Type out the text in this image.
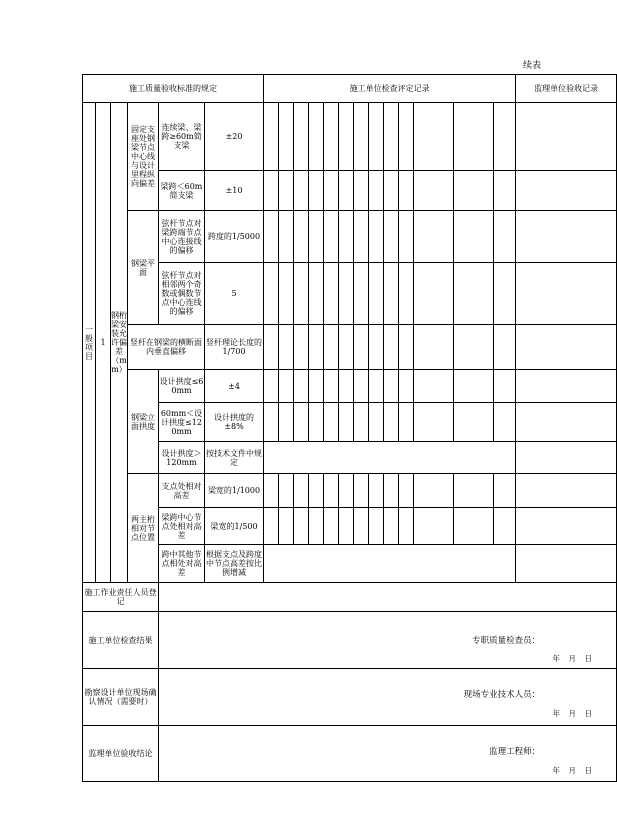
续表
施工质量验收标准的规定						施工单位检查评定记录													监理单位验收记录
一般项目	1	钢桁梁安装允许偏差（mm）	固定支座处钢梁节点中心线与设计里程纵向偏差	连续梁、梁跨≥60m简支梁	±20														
				梁跨＜60m简支梁	±10														
			钢梁平面	弦杆节点对梁跨端节点中心连接线的偏移	跨度的1/5000														
				弦杆节点对相邻两个奇数或偶数节点中心连线的偏移	5														
			竖杆在钢梁的横断面内垂直偏移		竖杆理论长度的1/700														
			钢梁立面拱度	设计拱度≤60mm	±4														
				60mm＜设计拱度≤120mm	设计拱度的±8%														
				设计拱度＞120mm	按技术文件中规定														
			两主桁相对节点位置	支点处相对高差	梁宽的1/1000														
				梁跨中心节点处相对高差	梁宽的1/500														
				跨中其他节点相处对高差	根据支点及跨度中节点高差按比例增减														
施工作业责任人员登记																			
施工单位检查结果				专职质量检查员：
年 月 日															

勘察设计单位现场确认情况（需要时）				现场专业技术人员：
年 月 日															

监理单位验收结论				监理工程师：
年 月 日															
